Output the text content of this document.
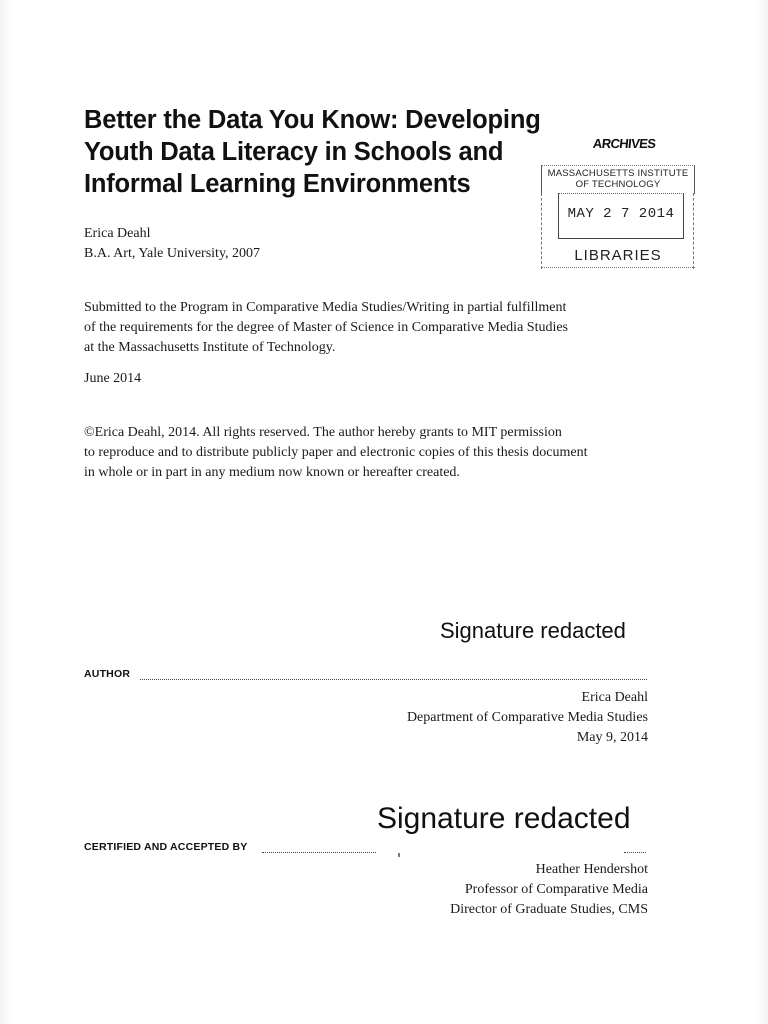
Better the Data You Know: Developing
Youth Data Literacy in Schools and
Informal Learning Environments
ARCHIVES
MASSACHUSETTS INSTITUTE
OF TECHNOLOGY
MAY 2 7 2014
LIBRARIES
Erica Deahl
B.A. Art, Yale University, 2007
Submitted to the Program in Comparative Media Studies/Writing in partial fulfillment
of the requirements for the degree of Master of Science in Comparative Media Studies
at the Massachusetts Institute of Technology.
June 2014
©Erica Deahl, 2014. All rights reserved. The author hereby grants to MIT permission
to reproduce and to distribute publicly paper and electronic copies of this thesis document
in whole or in part in any medium now known or hereafter created.
Signature redacted
AUTHOR
Erica Deahl
Department of Comparative Media Studies
May 9, 2014
Signature redacted
CERTIFIED AND ACCEPTED BY
Heather Hendershot
Professor of Comparative Media
Director of Graduate Studies, CMS
